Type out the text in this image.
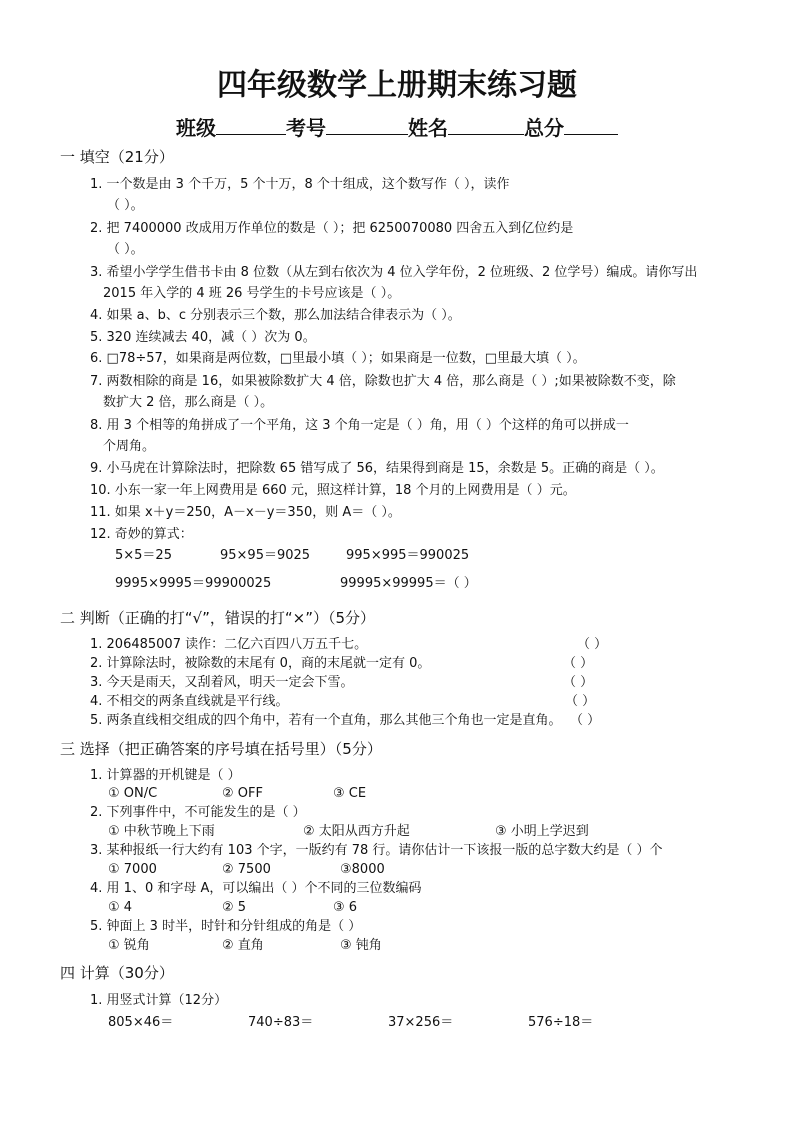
四年级数学上册期末练习题
班级	考号	姓名	总分
一 填空（21分）
1. 一个数是由 3 个千万，5 个十万，8 个十组成，这个数写作（ ），读作
（ ）。
2. 把 7400000 改成用万作单位的数是（ ）；把 6250070080 四舍五入到亿位约是
（ ）。
3. 希望小学学生借书卡由 8 位数（从左到右依次为 4 位入学年份，2 位班级、2 位学号）编成。请你写出
2015 年入学的 4 班 26 号学生的卡号应该是（ ）。
4. 如果 a、b、c 分别表示三个数，那么加法结合律表示为（ ）。
5. 320 连续减去 40，减（ ）次为 0。
6. □78÷57，如果商是两位数，□里最小填（ ）；如果商是一位数，□里最大填（ ）。
7. 两数相除的商是 16，如果被除数扩大 4 倍，除数也扩大 4 倍，那么商是（ ）;如果被除数不变，除
数扩大 2 倍，那么商是（ ）。
8. 用 3 个相等的角拼成了一个平角，这 3 个角一定是（ ）角，用（ ）个这样的角可以拼成一
个周角。
9. 小马虎在计算除法时，把除数 65 错写成了 56，结果得到商是 15，余数是 5。正确的商是（ ）。
10. 小东一家一年上网费用是 660 元，照这样计算，18 个月的上网费用是（ ）元。
11. 如果 x＋y＝250，A－x－y＝350，则 A＝（ ）。
12. 奇妙的算式：
5×5＝25	95×95＝9025	995×995＝990025
9995×9995＝99900025	99995×99995＝（ ）
二 判断（正确的打“√”，错误的打“×”）（5分）
1. 206485007 读作：二亿六百四八万五千七。	（ ）
2. 计算除法时，被除数的末尾有 0，商的末尾就一定有 0。	（ ）
3. 今天是雨天，又刮着风，明天一定会下雪。	（ ）
4. 不相交的两条直线就是平行线。	（ ）
5. 两条直线相交组成的四个角中，若有一个直角，那么其他三个角也一定是直角。 （ ）
三 选择（把正确答案的序号填在括号里）（5分）
1. 计算器的开机键是（ ）
① ON/C	② OFF	③ CE
2. 下列事件中，不可能发生的是（ ）
① 中秋节晚上下雨	② 太阳从西方升起	③ 小明上学迟到
3. 某种报纸一行大约有 103 个字，一版约有 78 行。请你估计一下该报一版的总字数大约是（ ）个
① 7000	② 7500	③8000
4. 用 1、0 和字母 A，可以编出（ ）个不同的三位数编码
① 4	② 5	③ 6
5. 钟面上 3 时半，时针和分针组成的角是（ ）
① 锐角	② 直角	③ 钝角
四 计算（30分）
1. 用竖式计算（12分）
805×46＝	740÷83＝	37×256＝	576÷18＝
